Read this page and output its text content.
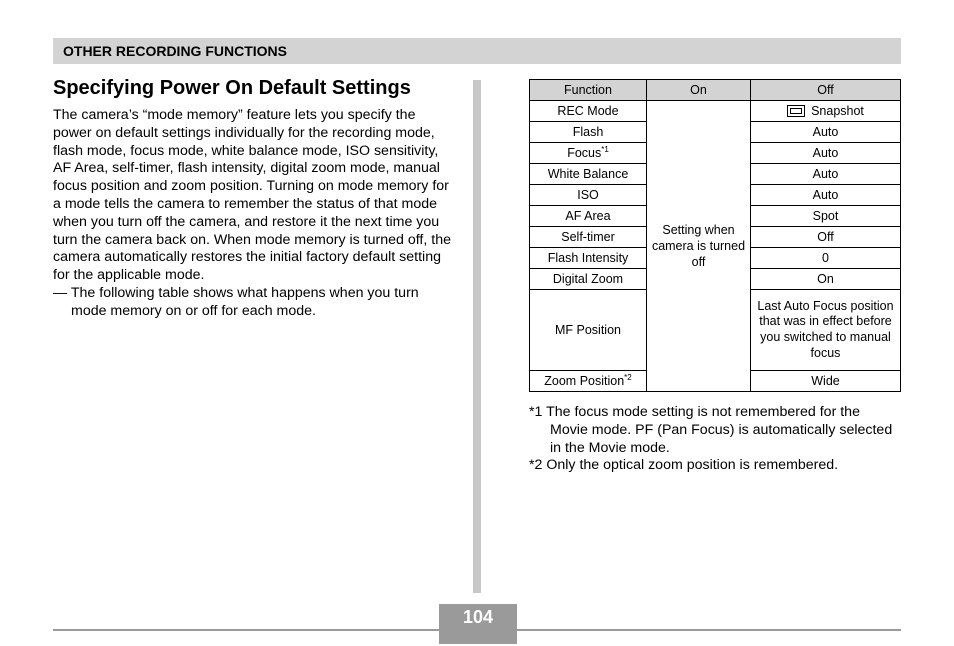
OTHER RECORDING FUNCTIONS
Specifying Power On Default Settings

The camera’s “mode memory” feature lets you specify the power on default settings individually for the recording mode, flash mode, focus mode, white balance mode, ISO sensitivity, AF Area, self-timer, flash intensity, digital zoom mode, manual focus position and zoom position. Turning on mode memory for a mode tells the camera to remember the status of that mode when you turn off the camera, and restore it the next time you turn the camera back on. When mode memory is turned off, the camera automatically restores the initial factory default setting for the applicable mode.

— The following table shows what happens when you turn mode memory on or off for each mode.

Function	On	Off
REC Mode	Setting when camera is turned off	Snapshot
Flash		Auto
Focus$^{*1}$		Auto
White Balance		Auto
ISO		Auto
AF Area		Spot
Self-timer		Off
Flash Intensity		0
Digital Zoom		On
MF Position		Last Auto Focus position that was in effect before you switched to manual focus
Zoom Position$^{*2}$		Wide

*1 The focus mode setting is not remembered for the Movie mode. PF (Pan Focus) is automatically selected in the Movie mode.

*2 Only the optical zoom position is remembered.

104
